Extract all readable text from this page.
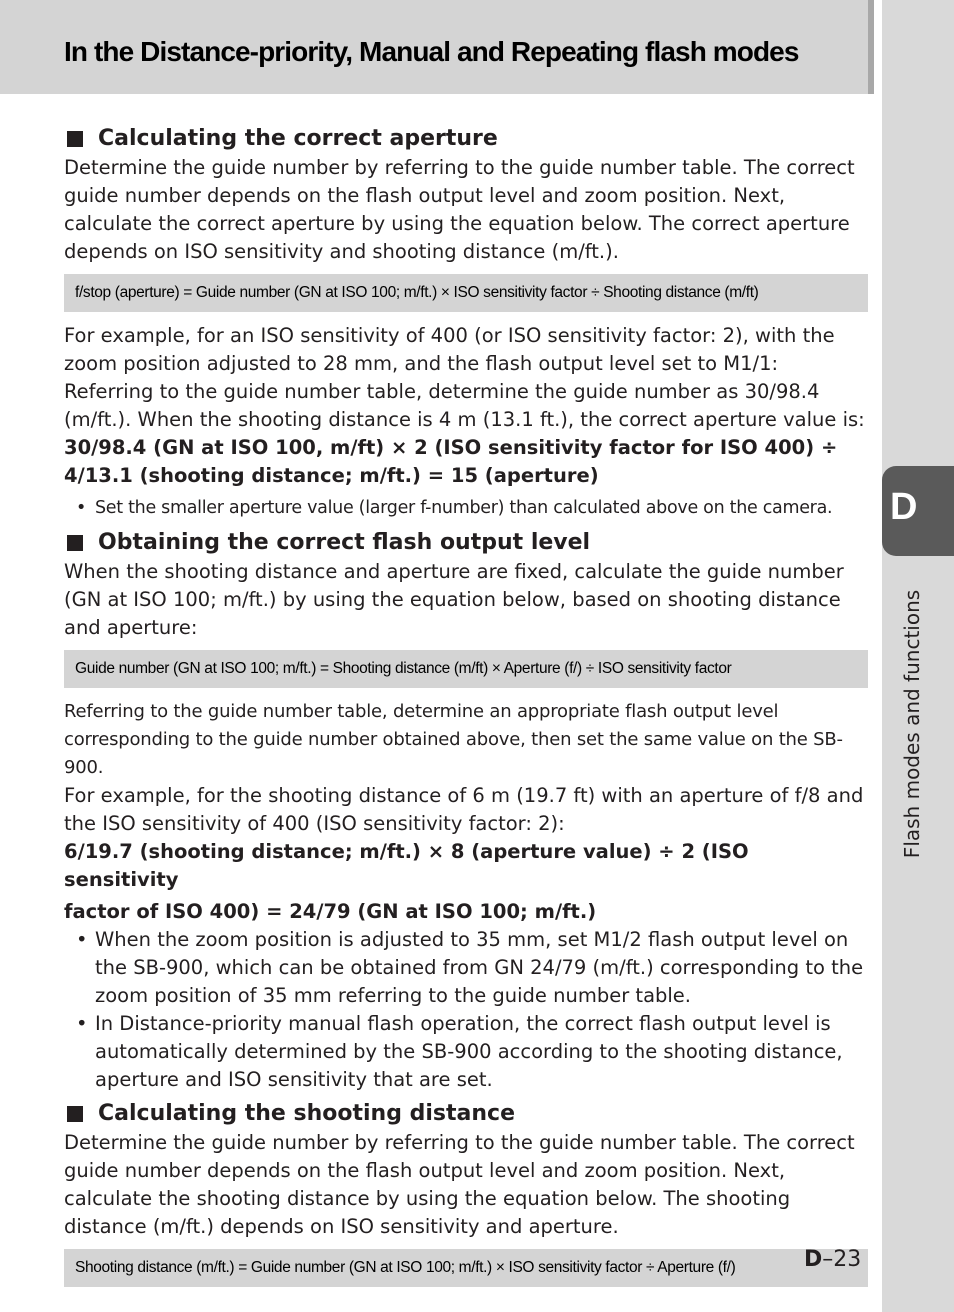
In the Distance-priority, Manual and Repeating flash modes
D
Flash modes and functions
Calculating the correct aperture

Determine the guide number by referring to the guide number table. The correct guide number depends on the flash output level and zoom position. Next, calculate the correct aperture by using the equation below. The correct aperture depends on ISO sensitivity and shooting distance (m/ft.).

f/stop (aperture) = Guide number (GN at ISO 100; m/ft.) × ISO sensitivity factor ÷ Shooting distance (m/ft)

For example, for an ISO sensitivity of 400 (or ISO sensitivity factor: 2), with the zoom position adjusted to 28 mm, and the flash output level set to M1/1: Referring to the guide number table, determine the guide number as 30/98.4 (m/ft.). When the shooting distance is 4 m (13.1 ft.), the correct aperture value is:

30/98.4 (GN at ISO 100, m/ft) × 2 (ISO sensitivity factor for ISO 400) ÷ 4/13.1 (shooting distance; m/ft.) = 15 (aperture)

• Set the smaller aperture value (larger f-number) than calculated above on the camera.
Obtaining the correct flash output level

When the shooting distance and aperture are fixed, calculate the guide number (GN at ISO 100; m/ft.) by using the equation below, based on shooting distance and aperture:

Guide number (GN at ISO 100; m/ft.) = Shooting distance (m/ft) × Aperture (f/) ÷ ISO sensitivity factor

Referring to the guide number table, determine an appropriate flash output level corresponding to the guide number obtained above, then set the same value on the SB-900.

For example, for the shooting distance of 6 m (19.7 ft) with an aperture of f/8 and the ISO sensitivity of 400 (ISO sensitivity factor: 2):

6/19.7 (shooting distance; m/ft.) × 8 (aperture value) ÷ 2 (ISO sensitivity

factor of ISO 400) = 24/79 (GN at ISO 100; m/ft.)

• When the zoom position is adjusted to 35 mm, set M1/2 flash output level on the SB-900, which can be obtained from GN 24/79 (m/ft.) corresponding to the zoom position of 35 mm referring to the guide number table.
• In Distance-priority manual flash operation, the correct flash output level is automatically determined by the SB-900 according to the shooting distance, aperture and ISO sensitivity that are set.
Calculating the shooting distance

Determine the guide number by referring to the guide number table. The correct guide number depends on the flash output level and zoom position. Next, calculate the shooting distance by using the equation below. The shooting distance (m/ft.) depends on ISO sensitivity and aperture.

Shooting distance (m/ft.) = Guide number (GN at ISO 100; m/ft.) × ISO sensitivity factor ÷ Aperture (f/)	D–23
